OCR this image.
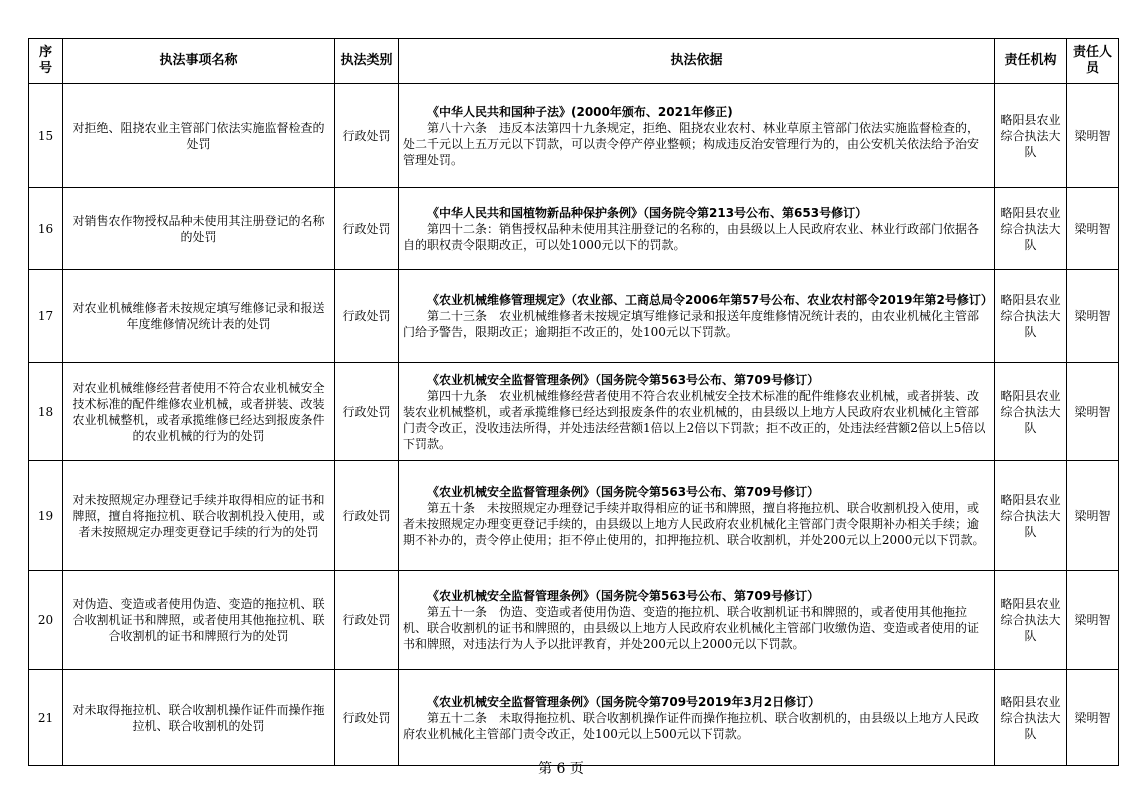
序号	执法事项名称	执法类别	执法依据	责任机构	责任人员
15	对拒绝、阻挠农业主管部门依法实施监督检查的处罚	行政处罚	《中华人民共和国种子法》(2000年颁布、2021年修正)
第八十六条　违反本法第四十九条规定，拒绝、阻挠农业农村、林业草原主管部门依法实施监督检查的，处二千元以上五万元以下罚款，可以责令停产停业整顿；构成违反治安管理行为的，由公安机关依法给予治安管理处罚。	略阳县农业综合执法大队	梁明智
16	对销售农作物授权品种未使用其注册登记的名称的处罚	行政处罚	《中华人民共和国植物新品种保护条例》（国务院令第213号公布、第653号修订）
第四十二条：销售授权品种未使用其注册登记的名称的，由县级以上人民政府农业、林业行政部门依据各自的职权责令限期改正，可以处1000元以下的罚款。	略阳县农业综合执法大队	梁明智
17	对农业机械维修者未按规定填写维修记录和报送年度维修情况统计表的处罚	行政处罚	《农业机械维修管理规定》（农业部、工商总局令2006年第57号公布、农业农村部令2019年第2号修订）
第二十三条　农业机械维修者未按规定填写维修记录和报送年度维修情况统计表的，由农业机械化主管部门给予警告，限期改正；逾期拒不改正的，处100元以下罚款。	略阳县农业综合执法大队	梁明智
18	对农业机械维修经营者使用不符合农业机械安全技术标准的配件维修农业机械，或者拼装、改装农业机械整机，或者承揽维修已经达到报废条件的农业机械的行为的处罚	行政处罚	《农业机械安全监督管理条例》（国务院令第563号公布、第709号修订）
第四十九条　农业机械维修经营者使用不符合农业机械安全技术标准的配件维修农业机械，或者拼装、改装农业机械整机，或者承揽维修已经达到报废条件的农业机械的，由县级以上地方人民政府农业机械化主管部门责令改正，没收违法所得，并处违法经营额1倍以上2倍以下罚款；拒不改正的，处违法经营额2倍以上5倍以下罚款。	略阳县农业综合执法大队	梁明智
19	对未按照规定办理登记手续并取得相应的证书和牌照，擅自将拖拉机、联合收割机投入使用，或者未按照规定办理变更登记手续的行为的处罚	行政处罚	《农业机械安全监督管理条例》（国务院令第563号公布、第709号修订）
第五十条　未按照规定办理登记手续并取得相应的证书和牌照，擅自将拖拉机、联合收割机投入使用，或者未按照规定办理变更登记手续的，由县级以上地方人民政府农业机械化主管部门责令限期补办相关手续；逾期不补办的，责令停止使用；拒不停止使用的，扣押拖拉机、联合收割机，并处200元以上2000元以下罚款。	略阳县农业综合执法大队	梁明智
20	对伪造、变造或者使用伪造、变造的拖拉机、联合收割机证书和牌照，或者使用其他拖拉机、联合收割机的证书和牌照行为的处罚	行政处罚	《农业机械安全监督管理条例》（国务院令第563号公布、第709号修订）
第五十一条　伪造、变造或者使用伪造、变造的拖拉机、联合收割机证书和牌照的，或者使用其他拖拉机、联合收割机的证书和牌照的，由县级以上地方人民政府农业机械化主管部门收缴伪造、变造或者使用的证书和牌照，对违法行为人予以批评教育，并处200元以上2000元以下罚款。	略阳县农业综合执法大队	梁明智
21	对未取得拖拉机、联合收割机操作证件而操作拖拉机、联合收割机的处罚	行政处罚	《农业机械安全监督管理条例》（国务院令第709号2019年3月2日修订）
第五十二条　未取得拖拉机、联合收割机操作证件而操作拖拉机、联合收割机的，由县级以上地方人民政府农业机械化主管部门责令改正，处100元以上500元以下罚款。	略阳县农业综合执法大队	梁明智
第 6 页
